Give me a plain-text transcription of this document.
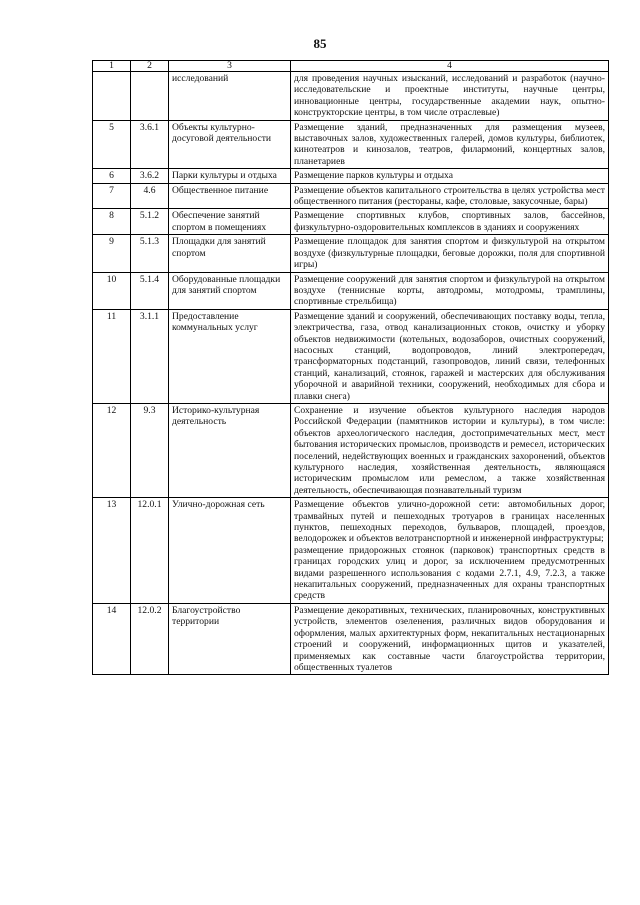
85
1	2	3	4
		исследований	для проведения научных изысканий, исследований и разработок (научно-исследовательские и проектные институты, научные центры, инновационные центры, государственные академии наук, опытно-конструкторские центры, в том числе отраслевые)
5	3.6.1	Объекты культурно-досуговой деятельности	Размещение зданий, предназначенных для размещения музеев, выставочных залов, художественных галерей, домов культуры, библиотек, кинотеатров и кинозалов, театров, филармоний, концертных залов, планетариев
6	3.6.2	Парки культуры и отдыха	Размещение парков культуры и отдыха
7	4.6	Общественное питание	Размещение объектов капитального строительства в целях устройства мест общественного питания (рестораны, кафе, столовые, закусочные, бары)
8	5.1.2	Обеспечение занятий спортом в помещениях	Размещение спортивных клубов, спортивных залов, бассейнов, физкультурно-оздоровительных комплексов в зданиях и сооружениях
9	5.1.3	Площадки для занятий спортом	Размещение площадок для занятия спортом и физкультурой на открытом воздухе (физкультурные площадки, беговые дорожки, поля для спортивной игры)
10	5.1.4	Оборудованные площадки для занятий спортом	Размещение сооружений для занятия спортом и физкультурой на открытом воздухе (теннисные корты, автодромы, мотодромы, трамплины, спортивные стрельбища)
11	3.1.1	Предоставление коммунальных услуг	Размещение зданий и сооружений, обеспечивающих поставку воды, тепла, электричества, газа, отвод канализационных стоков, очистку и уборку объектов недвижимости (котельных, водозаборов, очистных сооружений, насосных станций, водопроводов, линий электропередач, трансформаторных подстанций, газопроводов, линий связи, телефонных станций, канализаций, стоянок, гаражей и мастерских для обслуживания уборочной и аварийной техники, сооружений, необходимых для сбора и плавки снега)
12	9.3	Историко-культурная деятельность	Сохранение и изучение объектов культурного наследия народов Российской Федерации (памятников истории и культуры), в том числе: объектов археологического наследия, достопримечательных мест, мест бытования исторических промыслов, производств и ремесел, исторических поселений, недействующих военных и гражданских захоронений, объектов культурного наследия, хозяйственная деятельность, являющаяся историческим промыслом или ремеслом, а также хозяйственная деятельность, обеспечивающая познавательный туризм
13	12.0.1	Улично-дорожная сеть	Размещение объектов улично-дорожной сети: автомобильных дорог, трамвайных путей и пешеходных тротуаров в границах населенных пунктов, пешеходных переходов, бульваров, площадей, проездов, велодорожек и объектов велотранспортной и инженерной инфраструктуры;
размещение придорожных стоянок (парковок) транспортных средств в границах городских улиц и дорог, за исключением предусмотренных видами разрешенного использования с кодами 2.7.1, 4.9, 7.2.3, а также некапитальных сооружений, предназначенных для охраны транспортных средств

14	12.0.2	Благоустройство территории	Размещение декоративных, технических, планировочных, конструктивных устройств, элементов озеленения, различных видов оборудования и оформления, малых архитектурных форм, некапитальных нестационарных строений и сооружений, информационных щитов и указателей, применяемых как составные части благоустройства территории, общественных туалетов
